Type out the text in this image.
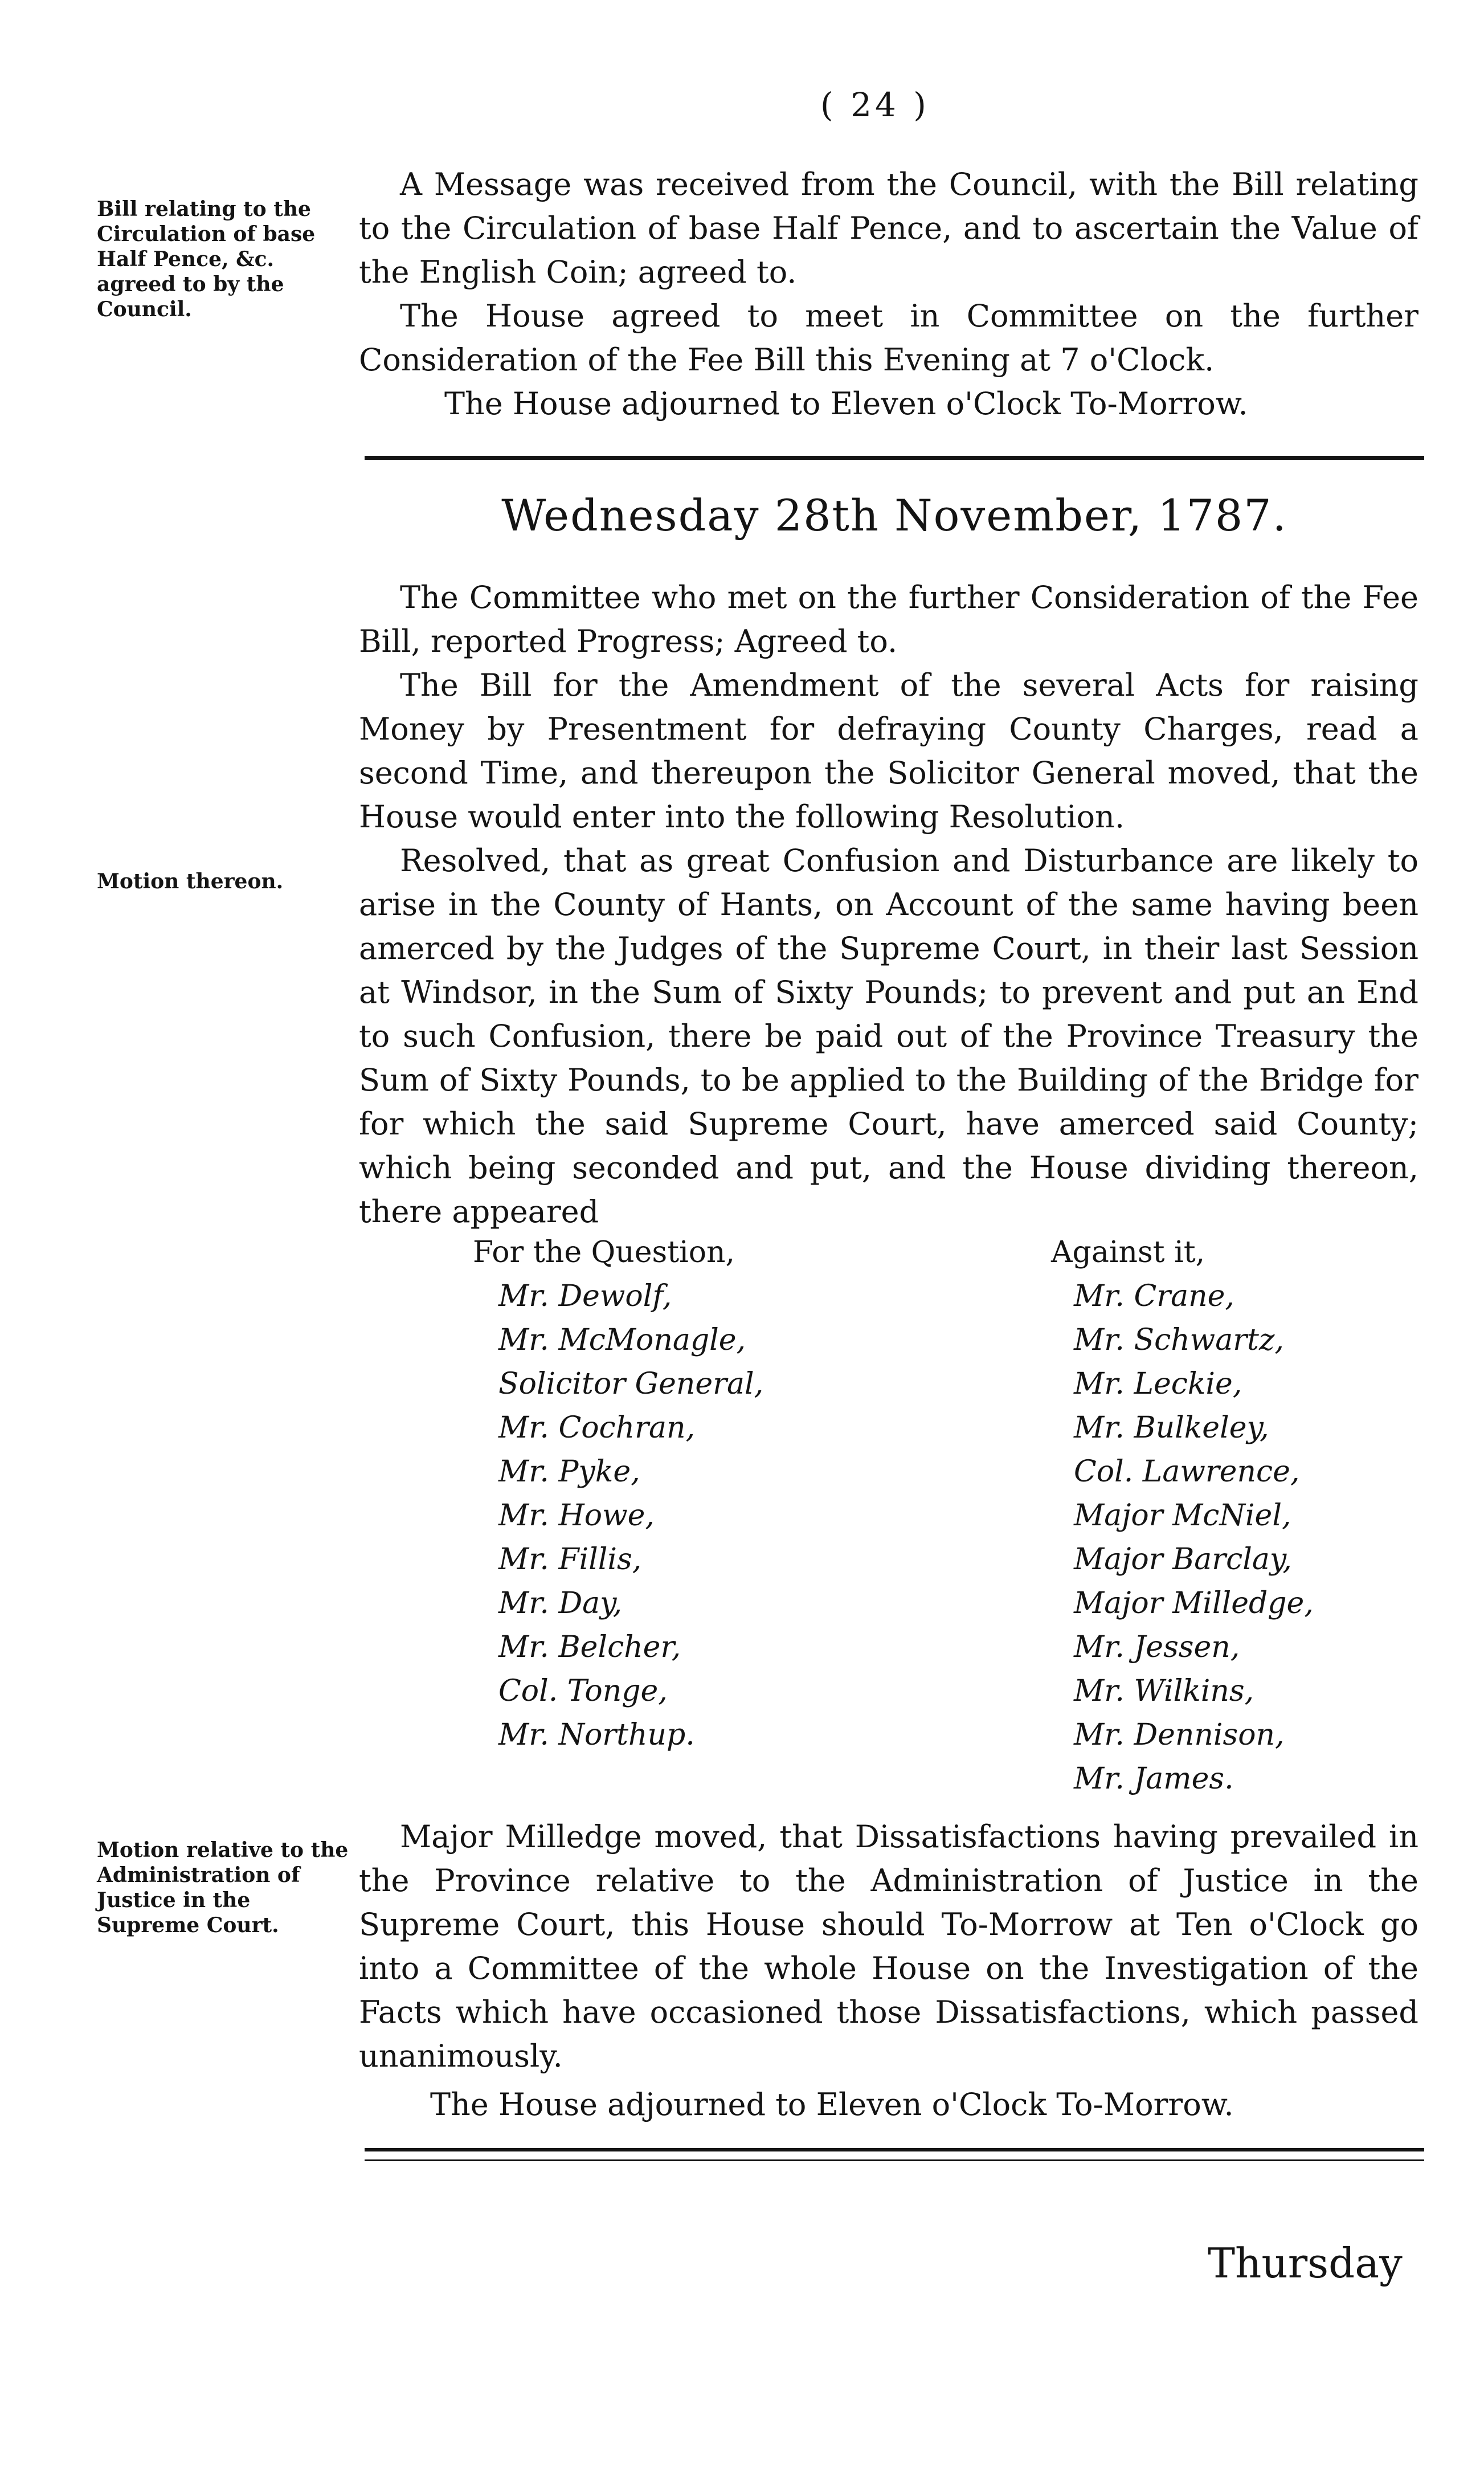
( 24 )
Bill relating to the Circulation of base Half Pence, &c. agreed to by the Council.
Motion thereon.
Motion relative to the Administration of Justice in the Supreme Court.

A Message was received from the Council, with the Bill relating to the Circulation of base Half Pence, and to ascertain the Value of the English Coin; agreed to.

The House agreed to meet in Committee on the further Consideration of the Fee Bill this Evening at 7 o'Clock.

The House adjourned to Eleven o'Clock To-Morrow.

Wednesday 28th November, 1787.

The Committee who met on the further Consideration of the Fee Bill, reported Progress; Agreed to.

The Bill for the Amendment of the several Acts for raising Money by Presentment for defraying County Charges, read a second Time, and thereupon the Solicitor General moved, that the House would enter into the following Resolution.

Resolved, that as great Confusion and Disturbance are likely to arise in the County of Hants, on Account of the same having been amerced by the Judges of the Supreme Court, in their last Session at Windsor, in the Sum of Sixty Pounds; to prevent and put an End to such Confusion, there be paid out of the Province Treasury the Sum of Sixty Pounds, to be applied to the Building of the Bridge for for which the said Supreme Court, have amerced said County; which being seconded and put, and the House dividing thereon, there appeared

For the Question,
Mr. Dewolf,
Mr. McMonagle,
Solicitor General,
Mr. Cochran,
Mr. Pyke,
Mr. Howe,
Mr. Fillis,
Mr. Day,
Mr. Belcher,
Col. Tonge,
Mr. Northup.
Against it,
Mr. Crane,
Mr. Schwartz,
Mr. Leckie,
Mr. Bulkeley,
Col. Lawrence,
Major McNiel,
Major Barclay,
Major Milledge,
Mr. Jessen,
Mr. Wilkins,
Mr. Dennison,
Mr. James.

Major Milledge moved, that Dissatisfactions having prevailed in the Province relative to the Administration of Justice in the Supreme Court, this House should To-Morrow at Ten o'Clock go into a Committee of the whole House on the Investigation of the Facts which have occasioned those Dissatisfactions, which passed unanimously.

The House adjourned to Eleven o'Clock To-Morrow.

Thursday
